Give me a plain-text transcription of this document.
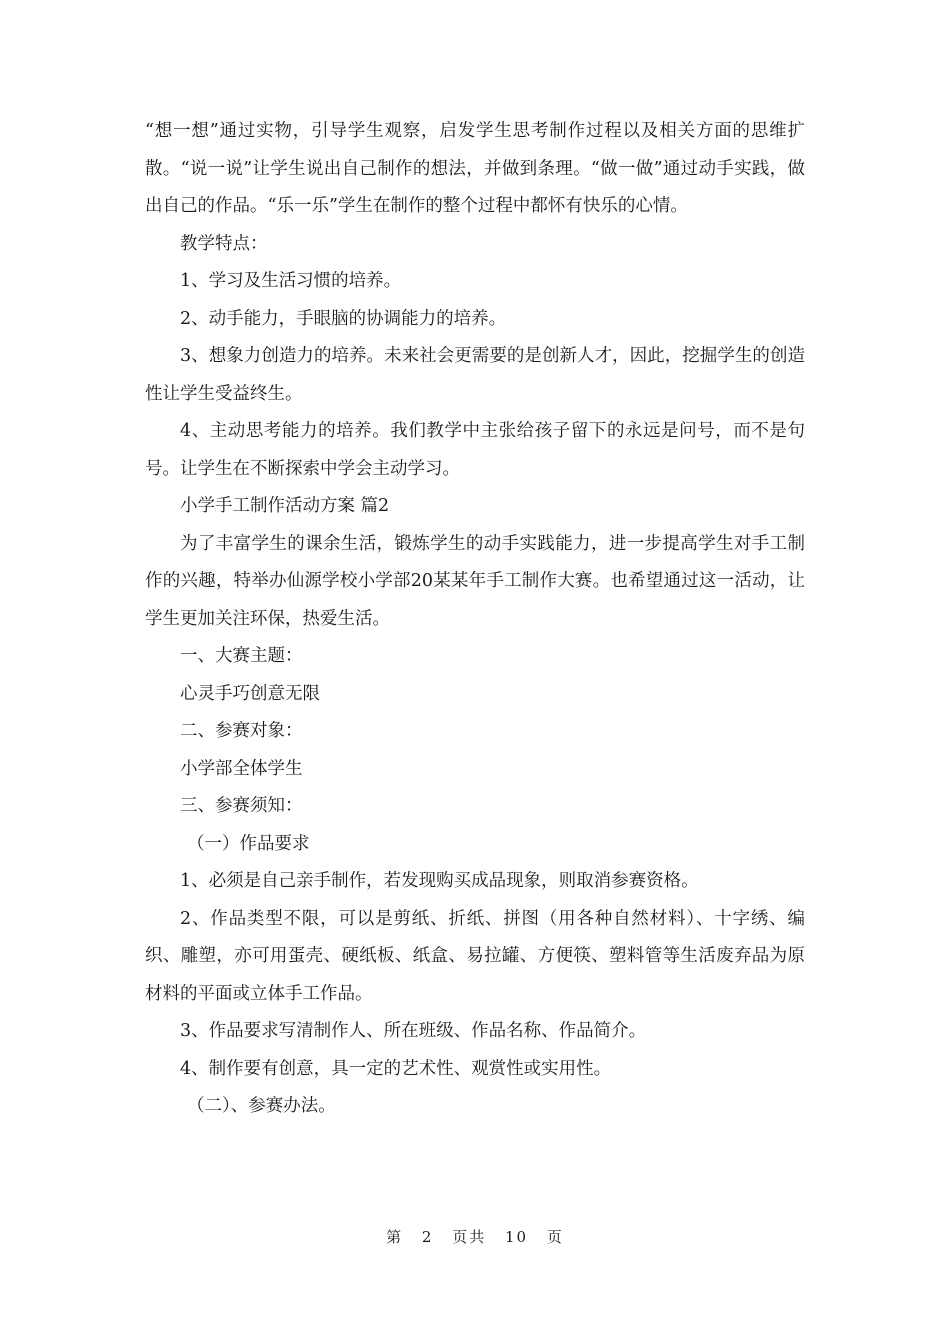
“想一想”通过实物，引导学生观察，启发学生思考制作过程以及相关方面的思维扩散。“说一说”让学生说出自己制作的想法，并做到条理。“做一做”通过动手实践，做出自己的作品。“乐一乐”学生在制作的整个过程中都怀有快乐的心情。

教学特点：

1、学习及生活习惯的培养。

2、动手能力，手眼脑的协调能力的培养。

3、想象力创造力的培养。未来社会更需要的是创新人才，因此，挖掘学生的创造性让学生受益终生。

4、主动思考能力的培养。我们教学中主张给孩子留下的永远是问号，而不是句号。让学生在不断探索中学会主动学习。

小学手工制作活动方案 篇2

为了丰富学生的课余生活，锻炼学生的动手实践能力，进一步提高学生对手工制作的兴趣，特举办仙源学校小学部20某某年手工制作大赛。也希望通过这一活动，让学生更加关注环保，热爱生活。

一、大赛主题：

心灵手巧创意无限

二、参赛对象：

小学部全体学生

三、参赛须知：

（一）作品要求

1、必须是自己亲手制作，若发现购买成品现象，则取消参赛资格。

2、作品类型不限，可以是剪纸、折纸、拼图（用各种自然材料）、十字绣、编织、雕塑，亦可用蛋壳、硬纸板、纸盒、易拉罐、方便筷、塑料管等生活废弃品为原材料的平面或立体手工作品。

3、作品要求写清制作人、所在班级、作品名称、作品简介。

4、制作要有创意，具一定的艺术性、观赏性或实用性。

（二）、参赛办法。

第 2 页共 10 页
